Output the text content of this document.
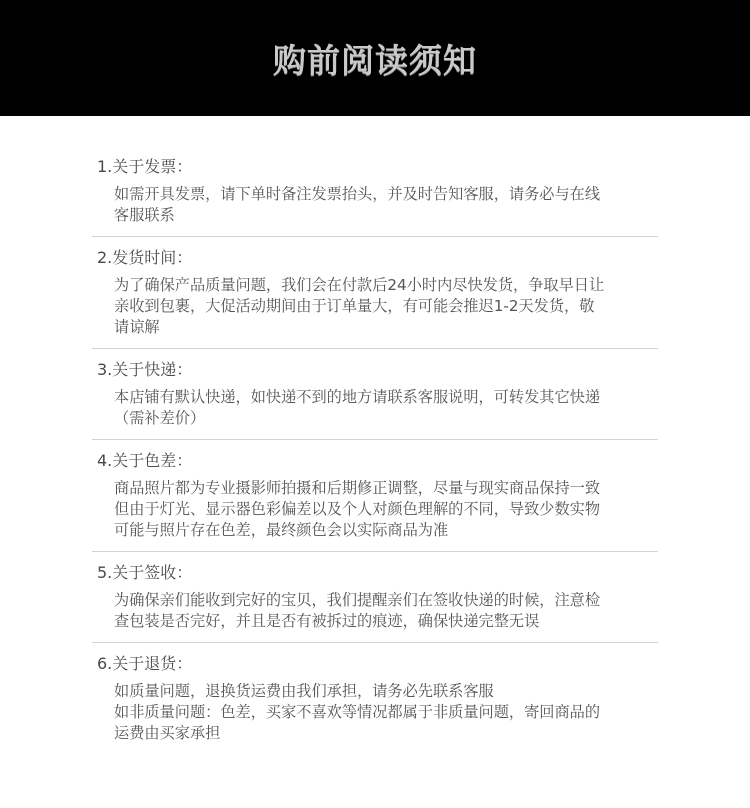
购前阅读须知
1.关于发票：
如需开具发票，请下单时备注发票抬头，并及时告知客服，请务必与在线
客服联系
2.发货时间：
为了确保产品质量问题，我们会在付款后24小时内尽快发货，争取早日让
亲收到包裹，大促活动期间由于订单量大，有可能会推迟1-2天发货，敬
请谅解
3.关于快递：
本店铺有默认快递，如快递不到的地方请联系客服说明，可转发其它快递
（需补差价）
4.关于色差：
商品照片都为专业摄影师拍摄和后期修正调整，尽量与现实商品保持一致
但由于灯光、显示器色彩偏差以及个人对颜色理解的不同，导致少数实物
可能与照片存在色差，最终颜色会以实际商品为准
5.关于签收：
为确保亲们能收到完好的宝贝，我们提醒亲们在签收快递的时候，注意检
查包装是否完好，并且是否有被拆过的痕迹，确保快递完整无误
6.关于退货：
如质量问题，退换货运费由我们承担，请务必先联系客服
如非质量问题：色差，买家不喜欢等情况都属于非质量问题，寄回商品的
运费由买家承担
